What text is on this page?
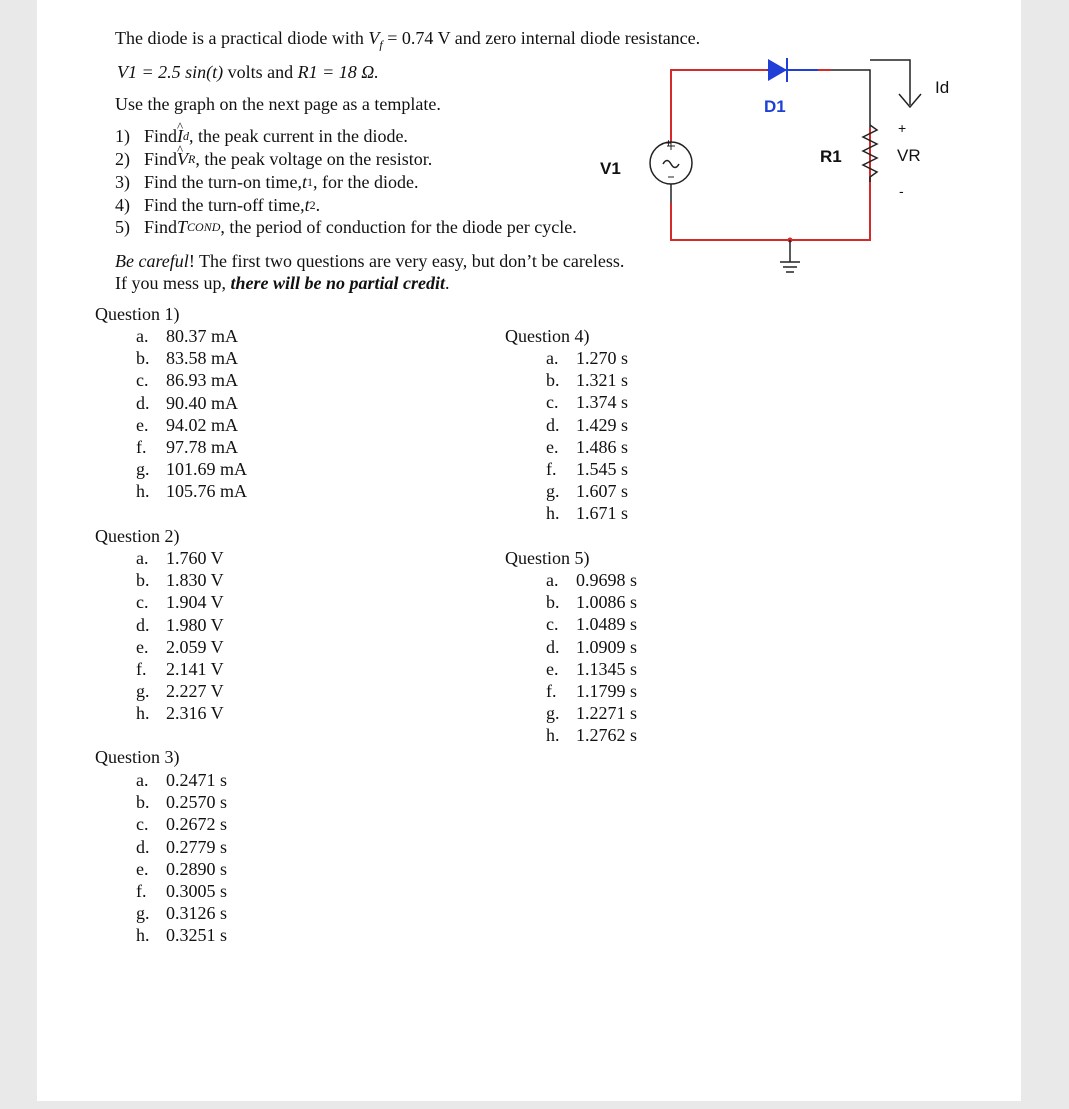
The diode is a practical diode with $V_f = 0.74$ V and zero internal diode resistance.
V1 = 2.5 sin(t) volts and R1 = 18 Ω.
Use the graph on the next page as a template.
1) Find ^ I d , the peak current in the diode.
2) Find ^ V R , the peak voltage on the resistor.
3) Find the turn-on time, t 1 , for the diode.
4) Find the turn-off time, t 2 .
5) Find T COND , the period of conduction for the diode per cycle.
Be careful! The first two questions are very easy, but don’t be careless.
If you mess up, there will be no partial credit.
D1
R1
V1
VR
+
-
+
Id
Question 1)
a. 80.37 mA
b. 83.58 mA
c. 86.93 mA
d. 90.40 mA
e. 94.02 mA
f.	97.78 mA
g. 101.69 mA
h. 105.76 mA
Question 2)
a. 1.760 V
b. 1.830 V
c. 1.904 V
d. 1.980 V
e. 2.059 V
f.	2.141 V
g. 2.227 V
h. 2.316 V
Question 3)
a. 0.2471 s
b. 0.2570 s
c. 0.2672 s
d. 0.2779 s
e. 0.2890 s
f.	0.3005 s
g. 0.3126 s
h. 0.3251 s
Question 4)
a. 1.270 s
b. 1.321 s
c. 1.374 s
d. 1.429 s
e. 1.486 s
f.	1.545 s
g. 1.607 s
h. 1.671 s
Question 5)
a. 0.9698 s
b. 1.0086 s
c. 1.0489 s
d. 1.0909 s
e. 1.1345 s
f.	1.1799 s
g. 1.2271 s
h. 1.2762 s
